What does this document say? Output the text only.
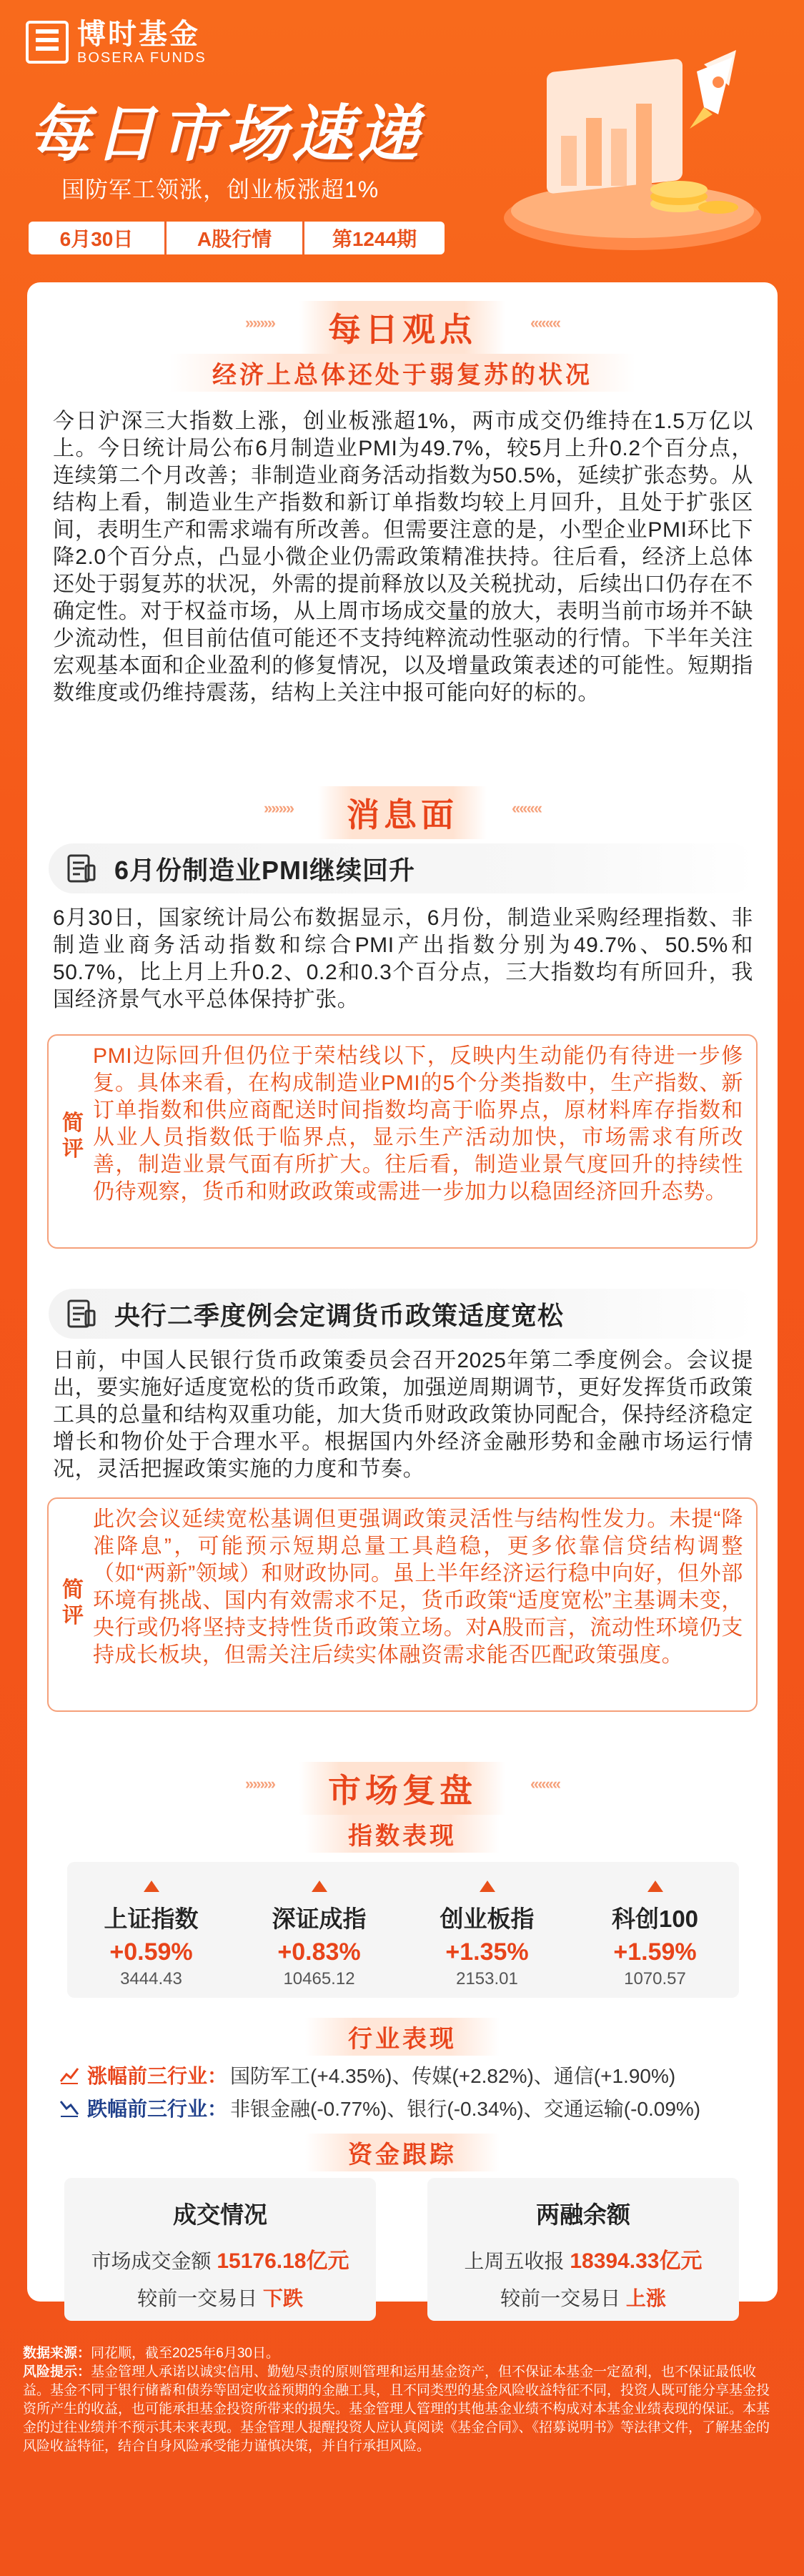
博时基金
BOSERA FUNDS
每日市场速递
国防军工领涨，创业板涨超1%
6月30日	A股行情	第1244期
»»»» 每日观点 ««««
经济上总体还处于弱复苏的状况
今日沪深三大指数上涨，创业板涨超1%，两市成交仍维持在1.5万亿以上。今日统计局公布6月制造业PMI为49.7%，较5月上升0.2个百分点，连续第二个月改善；非制造业商务活动指数为50.5%，延续扩张态势。从结构上看，制造业生产指数和新订单指数均较上月回升，且处于扩张区间，表明生产和需求端有所改善。但需要注意的是，小型企业PMI环比下降2.0个百分点，凸显小微企业仍需政策精准扶持。往后看，经济上总体还处于弱复苏的状况，外需的提前释放以及关税扰动，后续出口仍存在不确定性。对于权益市场，从上周市场成交量的放大，表明当前市场并不缺少流动性，但目前估值可能还不支持纯粹流动性驱动的行情。下半年关注宏观基本面和企业盈利的修复情况，以及增量政策表述的可能性。短期指数维度或仍维持震荡，结构上关注中报可能向好的标的。
»»»» 消息面 ««««
6月份制造业PMI继续回升
6月30日，国家统计局公布数据显示，6月份，制造业采购经理指数、非制造业商务活动指数和综合PMI产出指数分别为49.7%、50.5%和50.7%，比上月上升0.2、0.2和0.3个百分点，三大指数均有所回升，我国经济景气水平总体保持扩张。
简评
PMI边际回升但仍位于荣枯线以下，反映内生动能仍有待进一步修复。具体来看，在构成制造业PMI的5个分类指数中，生产指数、新订单指数和供应商配送时间指数均高于临界点，原材料库存指数和从业人员指数低于临界点，显示生产活动加快，市场需求有所改善，制造业景气面有所扩大。往后看，制造业景气度回升的持续性仍待观察，货币和财政政策或需进一步加力以稳固经济回升态势。
央行二季度例会定调货币政策适度宽松
日前，中国人民银行货币政策委员会召开2025年第二季度例会。会议提出，要实施好适度宽松的货币政策，加强逆周期调节，更好发挥货币政策工具的总量和结构双重功能，加大货币财政政策协同配合，保持经济稳定增长和物价处于合理水平。根据国内外经济金融形势和金融市场运行情况，灵活把握政策实施的力度和节奏。
简评
此次会议延续宽松基调但更强调政策灵活性与结构性发力。未提“降准降息”，可能预示短期总量工具趋稳，更多依靠信贷结构调整（如“两新”领域）和财政协同。虽上半年经济运行稳中向好，但外部环境有挑战、国内有效需求不足，货币政策“适度宽松”主基调未变，央行或仍将坚持支持性货币政策立场。对A股而言，流动性环境仍支持成长板块，但需关注后续实体融资需求能否匹配政策强度。
»»»» 市场复盘 ««««
指数表现
上证指数
+0.59%
3444.43
深证成指
+0.83%
10465.12
创业板指
+1.35%
2153.01
科创100
+1.59%
1070.57
行业表现
涨幅前三行业： 国防军工(+4.35%)、传媒(+2.82%)、通信(+1.90%)
跌幅前三行业： 非银金融(-0.77%)、银行(-0.34%)、交通运输(-0.09%)
资金跟踪
成交情况
市场成交金额 15176.18亿元
较前一交易日 下跌
两融余额
上周五收报 18394.33亿元
较前一交易日 上涨
数据来源：同花顺，截至2025年6月30日。
风险提示：基金管理人承诺以诚实信用、勤勉尽责的原则管理和运用基金资产，但不保证本基金一定盈利，也不保证最低收益。基金不同于银行储蓄和债券等固定收益预期的金融工具，且不同类型的基金风险收益特征不同，投资人既可能分享基金投资所产生的收益，也可能承担基金投资所带来的损失。基金管理人管理的其他基金业绩不构成对本基金业绩表现的保证。本基金的过往业绩并不预示其未来表现。基金管理人提醒投资人应认真阅读《基金合同》、《招募说明书》等法律文件，了解基金的风险收益特征，结合自身风险承受能力谨慎决策，并自行承担风险。
